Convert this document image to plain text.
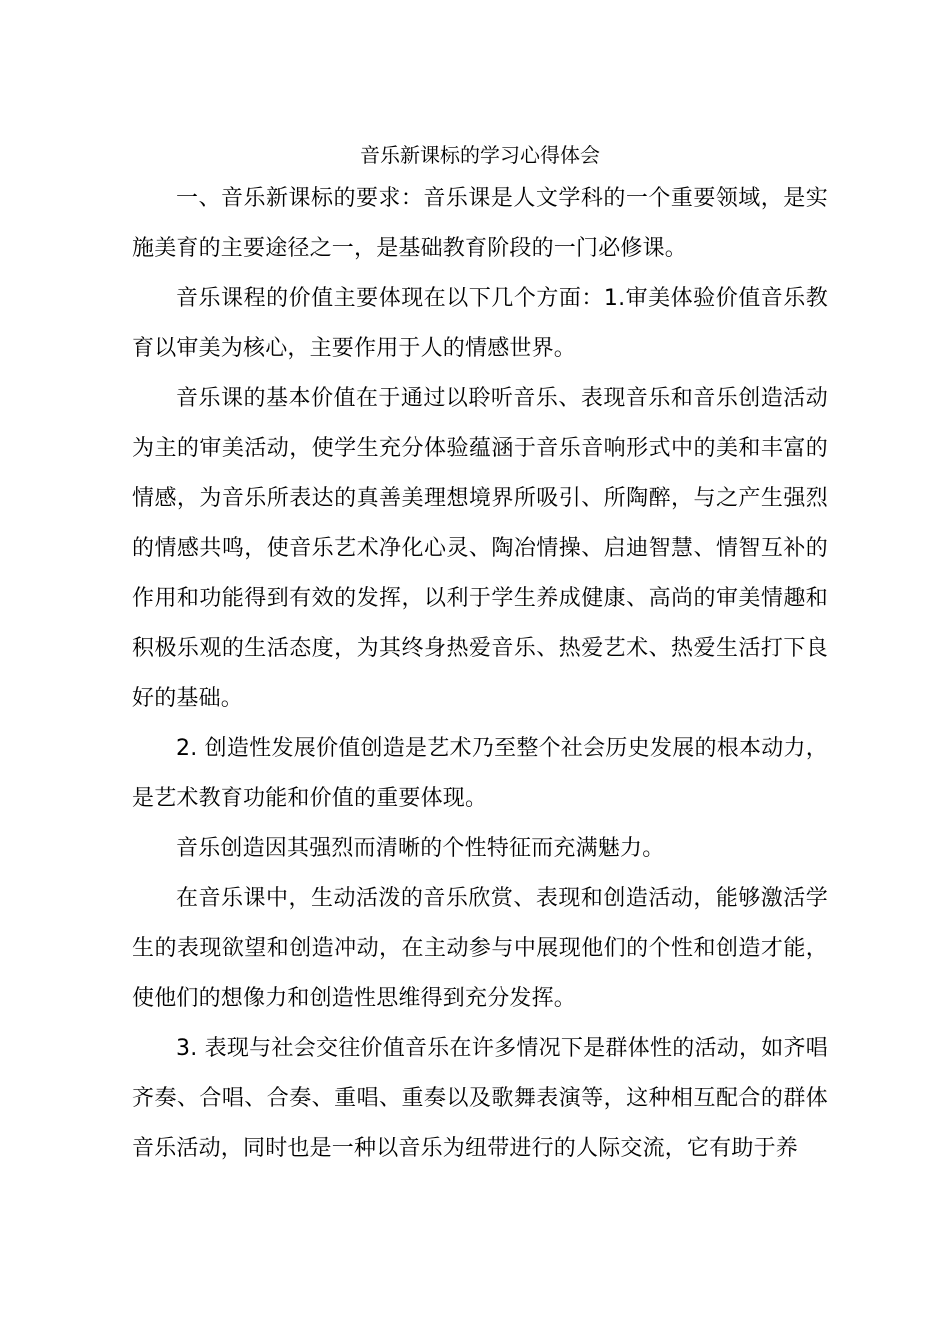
音乐新课标的学习心得体会

一、音乐新课标的要求：音乐课是人文学科的一个重要领域，是实施美育的主要途径之一，是基础教育阶段的一门必修课。

音乐课程的价值主要体现在以下几个方面：1.审美体验价值音乐教育以审美为核心，主要作用于人的情感世界。

音乐课的基本价值在于通过以聆听音乐、表现音乐和音乐创造活动为主的审美活动，使学生充分体验蕴涵于音乐音响形式中的美和丰富的情感，为音乐所表达的真善美理想境界所吸引、所陶醉，与之产生强烈的情感共鸣，使音乐艺术净化心灵、陶冶情操、启迪智慧、情智互补的作用和功能得到有效的发挥，以利于学生养成健康、高尚的审美情趣和积极乐观的生活态度，为其终身热爱音乐、热爱艺术、热爱生活打下良好的基础。

2. 创造性发展价值创造是艺术乃至整个社会历史发展的根本动力，是艺术教育功能和价值的重要体现。

音乐创造因其强烈而清晰的个性特征而充满魅力。

在音乐课中，生动活泼的音乐欣赏、表现和创造活动，能够激活学生的表现欲望和创造冲动，在主动参与中展现他们的个性和创造才能，使他们的想像力和创造性思维得到充分发挥。

3. 表现与社会交往价值音乐在许多情况下是群体性的活动，如齐唱齐奏、合唱、合奏、重唱、重奏以及歌舞表演等，这种相互配合的群体音乐活动，同时也是一种以音乐为纽带进行的人际交流，它有助于养
